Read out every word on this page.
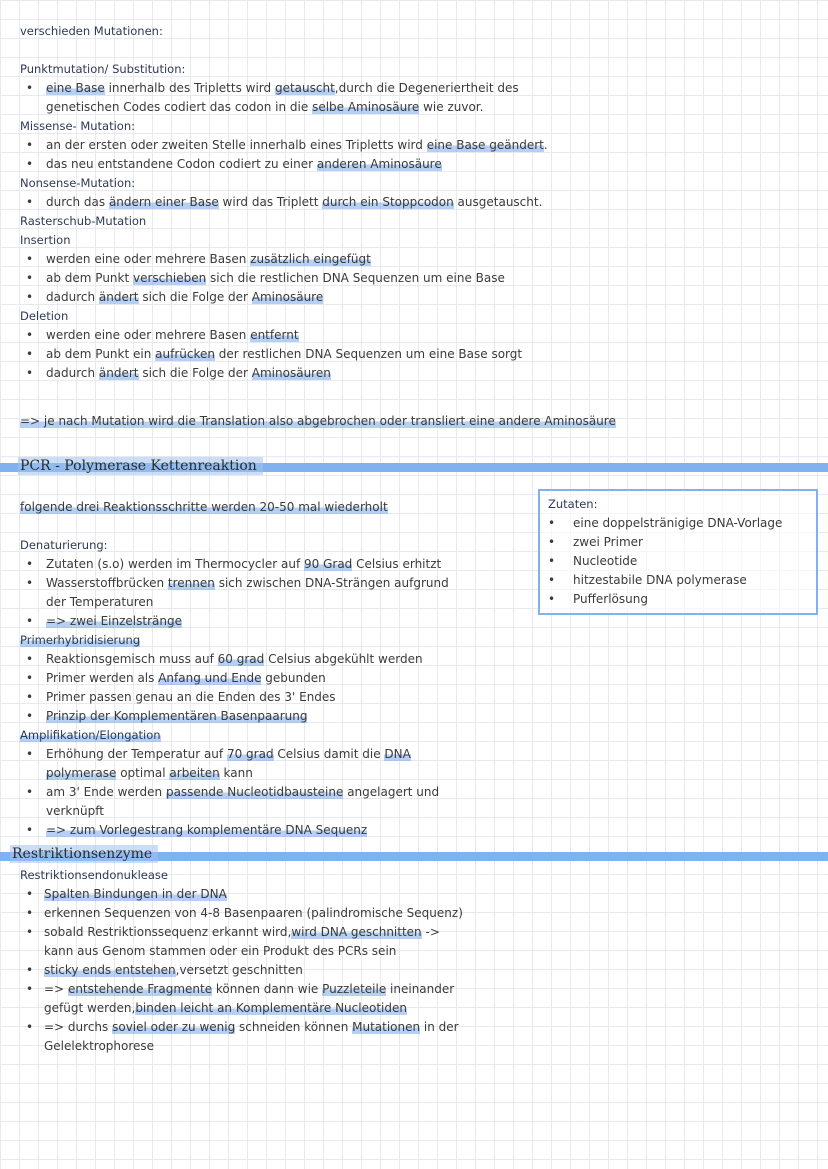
verschieden Mutationen:
Punktmutation/ Substitution:
• eine Base innerhalb des Tripletts wird getauscht,durch die Degeneriertheit des
genetischen Codes codiert das codon in die selbe Aminosäure wie zuvor.
Missense- Mutation:
• an der ersten oder zweiten Stelle innerhalb eines Tripletts wird eine Base geändert.
• das neu entstandene Codon codiert zu einer anderen Aminosäure
Nonsense-Mutation:
• durch das ändern einer Base wird das Triplett durch ein Stoppcodon ausgetauscht.
Rasterschub-Mutation
Insertion
• werden eine oder mehrere Basen zusätzlich eingefügt
• ab dem Punkt verschieben sich die restlichen DNA Sequenzen um eine Base
• dadurch ändert sich die Folge der Aminosäure
Deletion
• werden eine oder mehrere Basen entfernt
• ab dem Punkt ein aufrücken der restlichen DNA Sequenzen um eine Base sorgt
• dadurch ändert sich die Folge der Aminosäuren
=> je nach Mutation wird die Translation also abgebrochen oder transliert eine andere Aminosäure
PCR - Polymerase Kettenreaktion
folgende drei Reaktionsschritte werden 20-50 mal wiederholt	Zutaten:
• eine doppelstränigige DNA-Vorlage
• zwei Primer
• Nucleotide
• hitzestabile DNA polymerase
• Pufferlösung
Denaturierung:
• Zutaten (s.o) werden im Thermocycler auf 90 Grad Celsius erhitzt
• Wasserstoffbrücken trennen sich zwischen DNA-Strängen aufgrund
der Temperaturen
• => zwei Einzelstränge
Primerhybridisierung
• Reaktionsgemisch muss auf 60 grad Celsius abgekühlt werden
• Primer werden als Anfang und Ende gebunden
• Primer passen genau an die Enden des 3' Endes
• Prinzip der Komplementären Basenpaarung
Amplifikation/Elongation
• Erhöhung der Temperatur auf 70 grad Celsius damit die DNA
polymerase optimal arbeiten kann
• am 3' Ende werden passende Nucleotidbausteine angelagert und
verknüpft
• => zum Vorlegestrang komplementäre DNA Sequenz
Restriktionsenzyme
Restriktionsendonuklease
• Spalten Bindungen in der DNA
• erkennen Sequenzen von 4-8 Basenpaaren (palindromische Sequenz)
• sobald Restriktionssequenz erkannt wird,wird DNA geschnitten ->
kann aus Genom stammen oder ein Produkt des PCRs sein
• sticky ends entstehen,versetzt geschnitten
• => entstehende Fragmente können dann wie Puzzleteile ineinander
gefügt werden,binden leicht an Komplementäre Nucleotiden
• => durchs soviel oder zu wenig schneiden können Mutationen in der
Gelelektrophorese
